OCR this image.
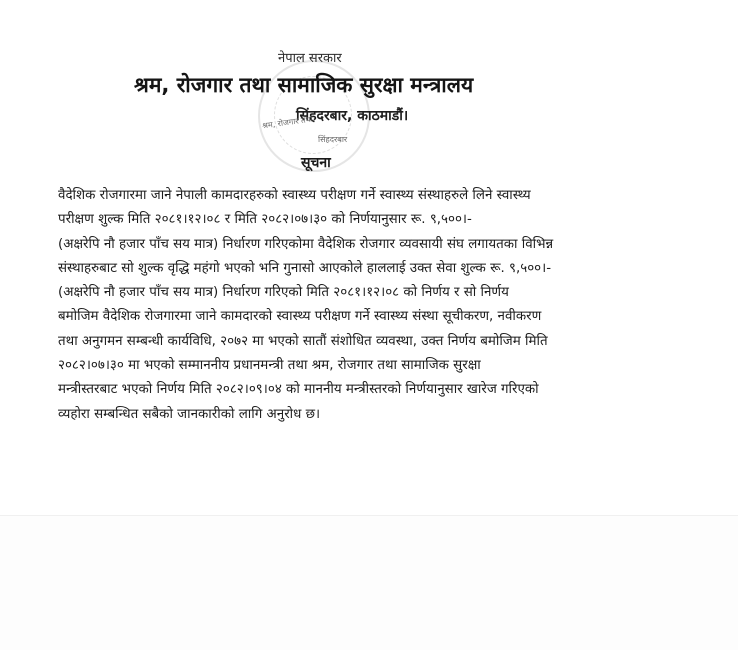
नेपाल सरकार
श्रम, रोजगार तथा सामाजिक सुरक्षा मन्त्रालय
सिंहदरबार, काठमाडौं।
श्रम, रोजगार तथा
सिंहदरबार
सूचना
वैदेशिक रोजगारमा जाने नेपाली कामदारहरुको स्वास्थ्य परीक्षण गर्ने स्वास्थ्य संस्थाहरुले लिने स्वास्थ्य
परीक्षण शुल्क मिति २०८१।१२।०८ र मिति २०८२।०७।३० को निर्णयानुसार रू. ९,५००।-
(अक्षरेपि नौ हजार पाँच सय मात्र) निर्धारण गरिएकोमा वैदेशिक रोजगार व्यवसायी संघ लगायतका विभिन्न
संस्थाहरुबाट सो शुल्क वृद्धि महंगो भएको भनि गुनासो आएकोले हाललाई उक्त सेवा शुल्क रू. ९,५००।-
(अक्षरेपि नौ हजार पाँच सय मात्र) निर्धारण गरिएको मिति २०८१।१२।०८ को निर्णय र सो निर्णय
बमोजिम वैदेशिक रोजगारमा जाने कामदारको स्वास्थ्य परीक्षण गर्ने स्वास्थ्य संस्था सूचीकरण, नवीकरण
तथा अनुगमन सम्बन्धी कार्यविधि, २०७२ मा भएको सातौं संशोधित व्यवस्था, उक्त निर्णय बमोजिम मिति
२०८२।०७।३० मा भएको सम्माननीय प्रधानमन्त्री तथा श्रम, रोजगार तथा सामाजिक सुरक्षा
मन्त्रीस्तरबाट भएको निर्णय मिति २०८२।०९।०४ को माननीय मन्त्रीस्तरको निर्णयानुसार खारेज गरिएको
व्यहोरा सम्बन्धित सबैको जानकारीको लागि अनुरोध छ।
